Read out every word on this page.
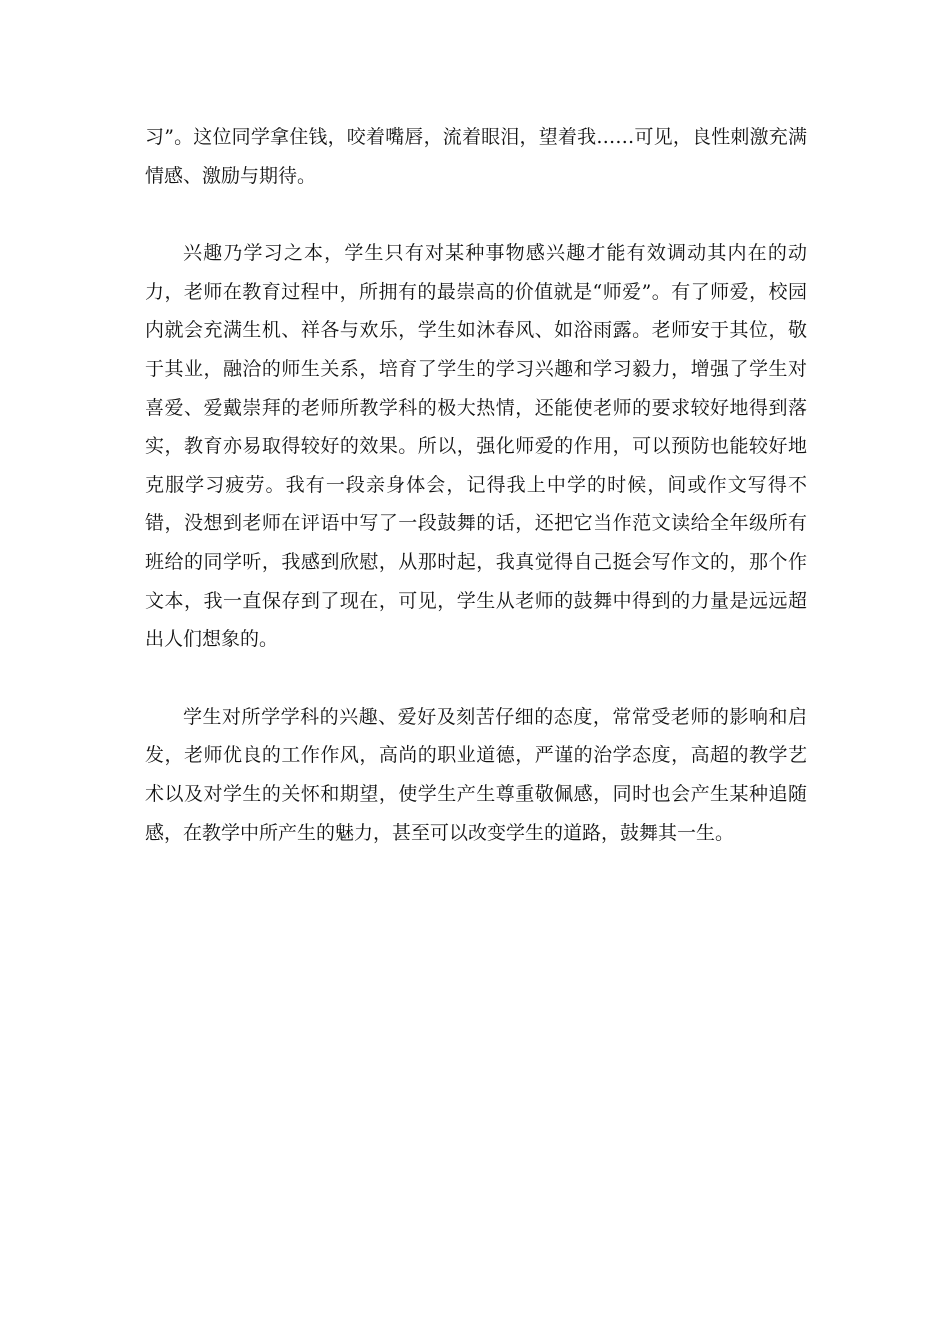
习”。这位同学拿住钱，咬着嘴唇，流着眼泪，望着我……可见，良性刺激充满情感、激励与期待。

兴趣乃学习之本，学生只有对某种事物感兴趣才能有效调动其内在的动力，老师在教育过程中，所拥有的最崇高的价值就是“师爱”。有了师爱，校园内就会充满生机、祥各与欢乐，学生如沐春风、如浴雨露。老师安于其位，敬于其业，融洽的师生关系，培育了学生的学习兴趣和学习毅力，增强了学生对喜爱、爱戴崇拜的老师所教学科的极大热情，还能使老师的要求较好地得到落实，教育亦易取得较好的效果。所以，强化师爱的作用，可以预防也能较好地克服学习疲劳。我有一段亲身体会，记得我上中学的时候，间或作文写得不错，没想到老师在评语中写了一段鼓舞的话，还把它当作范文读给全年级所有班给的同学听，我感到欣慰，从那时起，我真觉得自己挺会写作文的，那个作文本，我一直保存到了现在，可见，学生从老师的鼓舞中得到的力量是远远超出人们想象的。

学生对所学学科的兴趣、爱好及刻苦仔细的态度，常常受老师的影响和启发，老师优良的工作作风，高尚的职业道德，严谨的治学态度，高超的教学艺术以及对学生的关怀和期望，使学生产生尊重敬佩感，同时也会产生某种追随感，在教学中所产生的魅力，甚至可以改变学生的道路，鼓舞其一生。
